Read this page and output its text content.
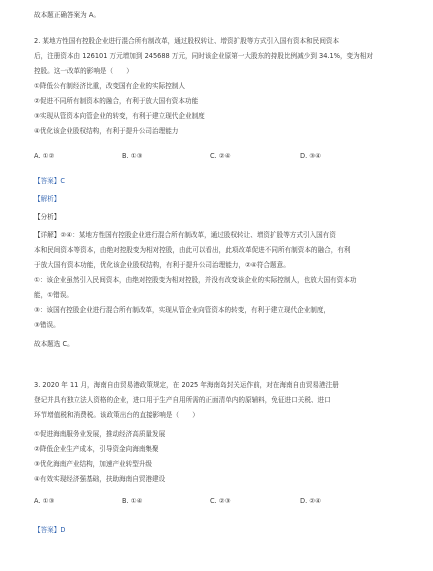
故本题正确答案为 A。
2. 某地方性国有控股企业进行混合所有制改革，通过股权转让、增资扩股等方式引入国有资本和民间资本
后，注册资本由 126101 万元增加到 245688 万元，同时该企业原第一大股东的持股比例减少到 34.1%，变为相对
控股。这一改革的影响是（　　）
①降低公有制经济比重，改变国有企业的实际控制人
②促进不同所有制资本的融合，有利于放大国有资本功能
③实现从管资本向管企业的转变，有利于建立现代企业制度
④优化该企业股权结构，有利于提升公司治理能力
A. ①②	B. ①③	C. ②④	D. ③④
【答案】C
【解析】
【分析】
【详解】②④：某地方性国有控股企业进行混合所有制改革，通过股权转让、增资扩股等方式引入国有资
本和民间资本等资本，由绝对控股变为相对控股，由此可以看出，此项改革促进不同所有制资本的融合，有利
于放大国有资本功能，优化该企业股权结构，有利于提升公司治理能力，②④符合题意。
①：该企业虽然引入民间资本，由绝对控股变为相对控股，并没有改变该企业的实际控制人，也放大国有资本功
能，①错误。
③：该国有控股企业进行混合所有制改革，实现从管企业向管资本的转变，有利于建立现代企业制度，
③错误。
故本题选 C。
3. 2020 年 11 月，海南自由贸易港政策规定，在 2025 年海南岛封关运作前，对在海南自由贸易港注册
登记并具有独立法人资格的企业，进口用于生产自用所需的正面清单内的原辅料，免征进口关税、进口
环节增值税和消费税。该政策出台的直接影响是（　　）
①促进海南服务业发展，推动经济高质量发展
②降低企业生产成本，引导资金向海南集聚
③优化海南产业结构，加速产业转型升级
④有效实现经济强基础，扶助海南自贸港建设
A. ①③	B. ①④	C. ②③	D. ②④
【答案】D
